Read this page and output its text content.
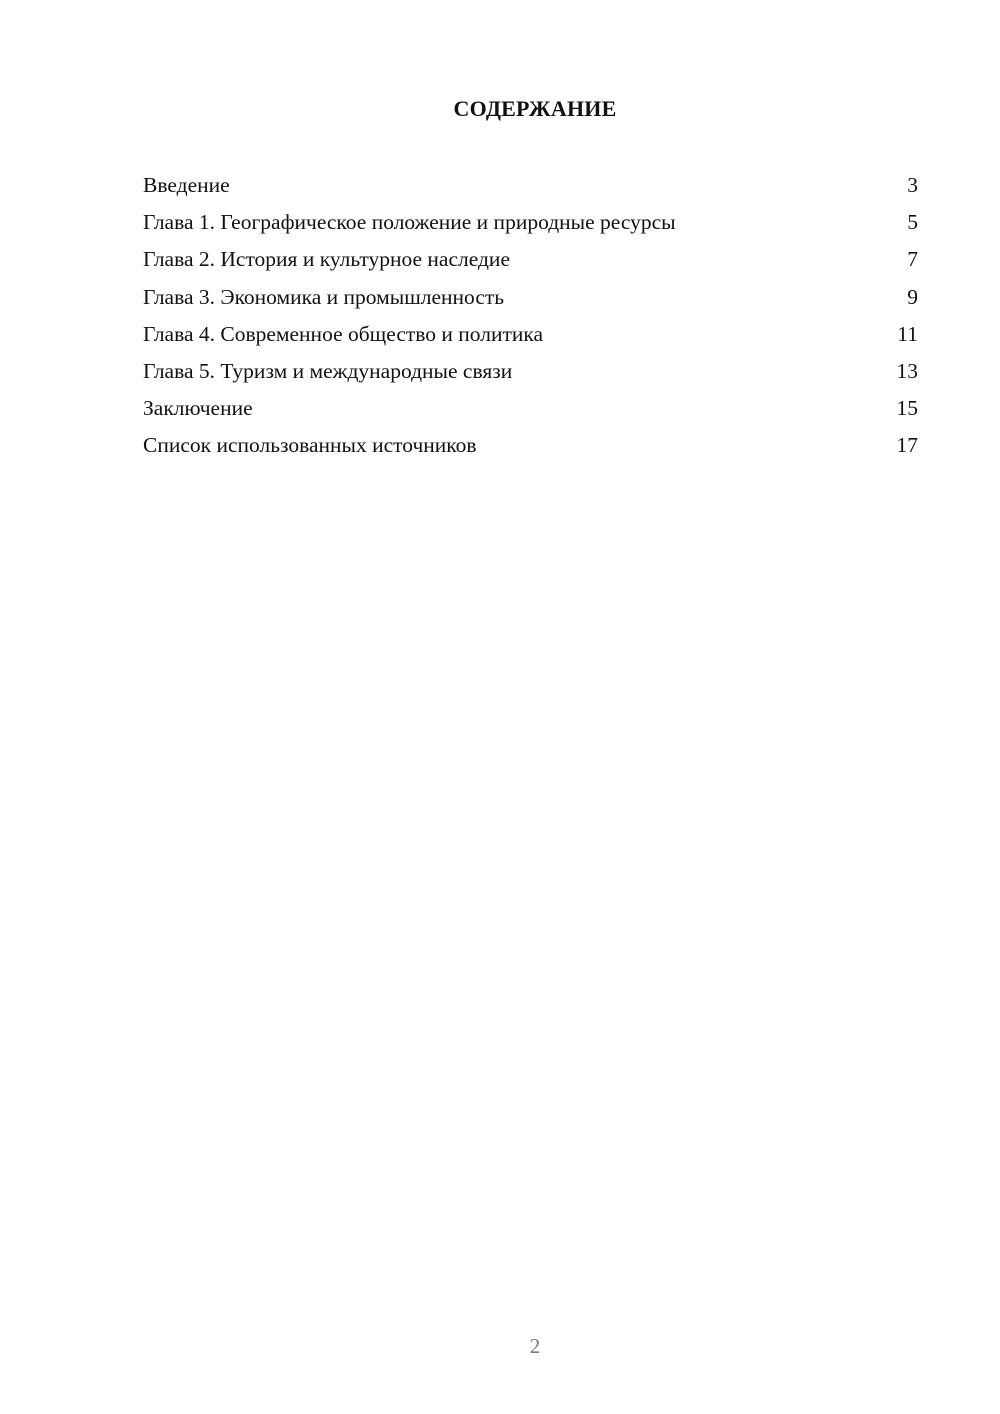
СОДЕРЖАНИЕ
Введение	3
Глава 1. Географическое положение и природные ресурсы	5
Глава 2. История и культурное наследие	7
Глава 3. Экономика и промышленность	9
Глава 4. Современное общество и политика	11
Глава 5. Туризм и международные связи	13
Заключение	15
Список использованных источников	17
2
